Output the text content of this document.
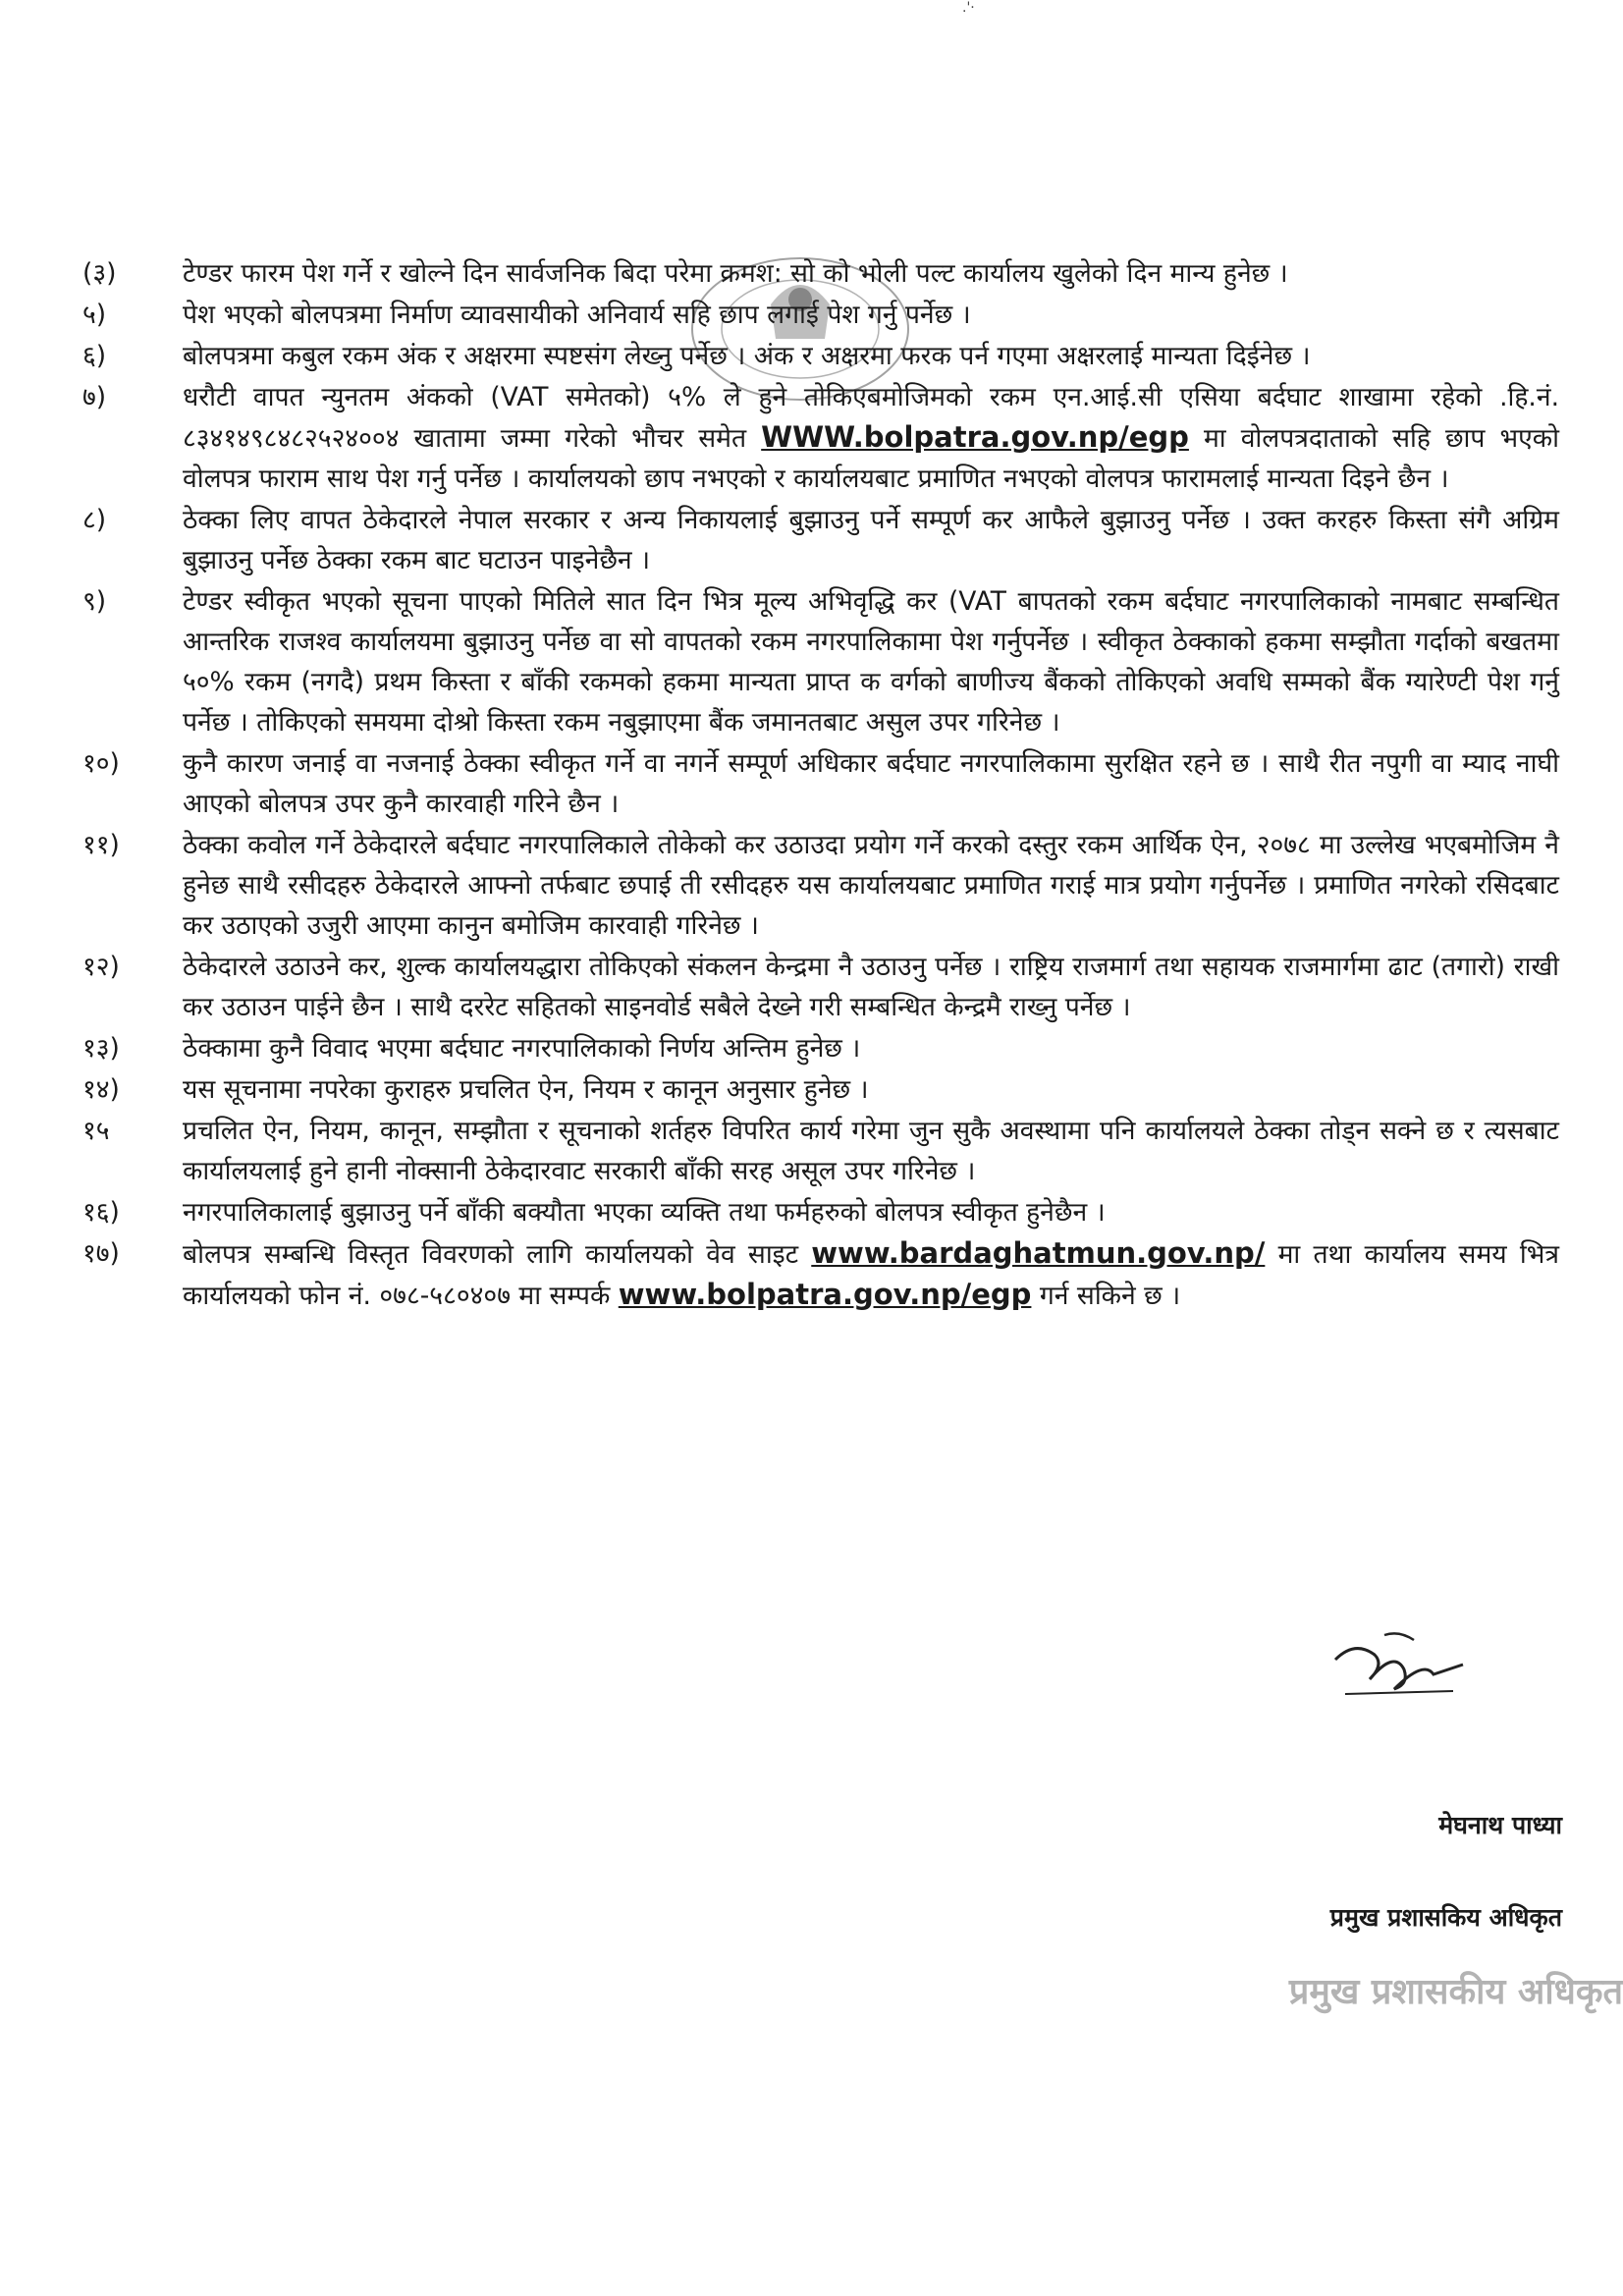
.ꞌ·
(३)	टेण्डर फारम पेश गर्ने र खोल्ने दिन सार्वजनिक बिदा परेमा क्रमश: सो को भोली पल्ट कार्यालय खुलेको दिन मान्य हुनेछ ।
५)	पेश भएको बोलपत्रमा निर्माण व्यावसायीको अनिवार्य सहि छाप लगाई पेश गर्नु पर्नेछ ।
६)	बोलपत्रमा कबुल रकम अंक र अक्षरमा स्पष्टसंग लेख्नु पर्नेछ । अंक र अक्षरमा फरक पर्न गएमा अक्षरलाई मान्यता दिईनेछ ।
७)	धरौटी वापत न्युनतम अंकको (VAT समेतको) ५% ले हुने तोकिएबमोजिमको रकम एन.आई.सी एसिया बर्दघाट शाखामा रहेको .हि.नं. ८३४१४९८४८२५२४००४ खातामा जम्मा गरेको भौचर समेत WWW.bolpatra.gov.np/egp मा वोलपत्रदाताको सहि छाप भएको वोलपत्र फाराम साथ पेश गर्नु पर्नेछ । कार्यालयको छाप नभएको र कार्यालयबाट प्रमाणित नभएको वोलपत्र फारामलाई मान्यता दिइने छैन ।
८)	ठेक्का लिए वापत ठेकेदारले नेपाल सरकार र अन्य निकायलाई बुझाउनु पर्ने सम्पूर्ण कर आफैले बुझाउनु पर्नेछ । उक्त करहरु किस्ता संगै अग्रिम बुझाउनु पर्नेछ ठेक्का रकम बाट घटाउन पाइनेछैन ।
९)	टेण्डर स्वीकृत भएको सूचना पाएको मितिले सात दिन भित्र मूल्य अभिवृद्धि कर (VAT बापतको रकम बर्दघाट नगरपालिकाको नामबाट सम्बन्धित आन्तरिक राजश्व कार्यालयमा बुझाउनु पर्नेछ वा सो वापतको रकम नगरपालिकामा पेश गर्नुपर्नेछ । स्वीकृत ठेक्काको हकमा सम्झौता गर्दाको बखतमा ५०% रकम (नगदै) प्रथम किस्ता र बाँकी रकमको हकमा मान्यता प्राप्त क वर्गको बाणीज्य बैंकको तोकिएको अवधि सम्मको बैंक ग्यारेण्टी पेश गर्नु पर्नेछ । तोकिएको समयमा दोश्रो किस्ता रकम नबुझाएमा बैंक जमानतबाट असुल उपर गरिनेछ ।
१०)	कुनै कारण जनाई वा नजनाई ठेक्का स्वीकृत गर्ने वा नगर्ने सम्पूर्ण अधिकार बर्दघाट नगरपालिकामा सुरक्षित रहने छ । साथै रीत नपुगी वा म्याद नाघी आएको बोलपत्र उपर कुनै कारवाही गरिने छैन ।
११)	ठेक्का कवोल गर्ने ठेकेदारले बर्दघाट नगरपालिकाले तोकेको कर उठाउदा प्रयोग गर्ने करको दस्तुर रकम आर्थिक ऐन, २०७८ मा उल्लेख भएबमोजिम नै हुनेछ साथै रसीदहरु ठेकेदारले आफ्नो तर्फबाट छपाई ती रसीदहरु यस कार्यालयबाट प्रमाणित गराई मात्र प्रयोग गर्नुपर्नेछ । प्रमाणित नगरेको रसिदबाट कर उठाएको उजुरी आएमा कानुन बमोजिम कारवाही गरिनेछ ।
१२)	ठेकेदारले उठाउने कर, शुल्क कार्यालयद्धारा तोकिएको संकलन केन्द्रमा नै उठाउनु पर्नेछ । राष्ट्रिय राजमार्ग तथा सहायक राजमार्गमा ढाट (तगारो) राखी कर उठाउन पाईने छैन । साथै दररेट सहितको साइनवोर्ड सबैले देख्ने गरी सम्बन्धित केन्द्रमै राख्नु पर्नेछ ।
१३)	ठेक्कामा कुनै विवाद भएमा बर्दघाट नगरपालिकाको निर्णय अन्तिम हुनेछ ।
१४)	यस सूचनामा नपरेका कुराहरु प्रचलित ऐन, नियम र कानून अनुसार हुनेछ ।
१५	प्रचलित ऐन, नियम, कानून, सम्झौता र सूचनाको शर्तहरु विपरित कार्य गरेमा जुन सुकै अवस्थामा पनि कार्यालयले ठेक्का तोड्न सक्ने छ र त्यसबाट कार्यालयलाई हुने हानी नोक्सानी ठेकेदारवाट सरकारी बाँकी सरह असूल उपर गरिनेछ ।
१६)	नगरपालिकालाई बुझाउनु पर्ने बाँकी बक्यौता भएका व्यक्ति तथा फर्महरुको बोलपत्र स्वीकृत हुनेछैन ।
१७)	बोलपत्र सम्बन्धि विस्तृत विवरणको लागि कार्यालयको वेव साइट www.bardaghatmun.gov.np/ मा तथा कार्यालय समय भित्र कार्यालयको फोन नं. ०७८-५८०४०७ मा सम्पर्क www.bolpatra.gov.np/egp गर्न सकिने छ ।
मेघनाथ पाध्या
प्रमुख प्रशासकिय अधिकृत
प्रमुख प्रशासकीय अधिकृत
